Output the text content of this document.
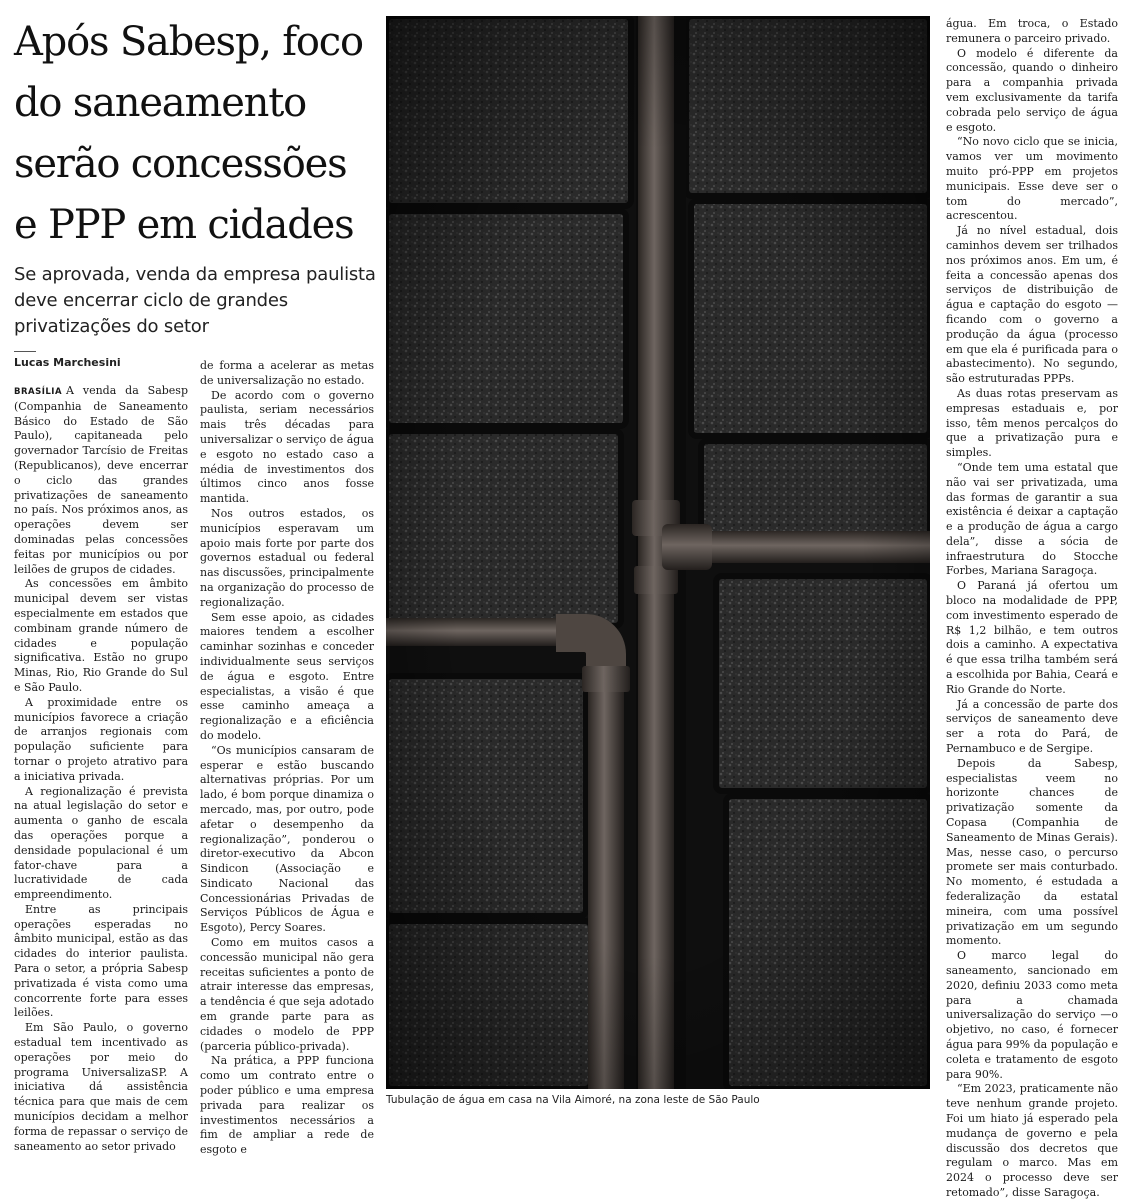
Após Sabesp, foco do saneamento serão concessões e PPP em cidades

Se aprovada, venda da empresa paulista deve encerrar ciclo de grandes privatizações do setor

Lucas Marchesini

BRASÍLIA A venda da Sabesp (Companhia de Saneamento Básico do Estado de São Paulo), capitaneada pelo governador Tarcísio de Freitas (Republicanos), deve encerrar o ciclo das grandes privatizações de saneamento no país. Nos próximos anos, as operações devem ser dominadas pelas concessões feitas por municípios ou por leilões de grupos de cidades.

As concessões em âmbito municipal devem ser vistas especialmente em estados que combinam grande número de cidades e população significativa. Estão no grupo Minas, Rio, Rio Grande do Sul e São Paulo.

A proximidade entre os municípios favorece a criação de arranjos regionais com população suficiente para tornar o projeto atrativo para a iniciativa privada.

A regionalização é prevista na atual legislação do setor e aumenta o ganho de escala das operações porque a densidade populacional é um fator-chave para a lucratividade de cada empreendimento.

Entre as principais operações esperadas no âmbito municipal, estão as das cidades do interior paulista. Para o setor, a própria Sabesp privatizada é vista como uma concorrente forte para esses leilões.

Em São Paulo, o governo estadual tem incentivado as operações por meio do programa UniversalizaSP. A iniciativa dá assistência técnica para que mais de cem municípios decidam a melhor forma de repassar o serviço de saneamento ao setor privado

de forma a acelerar as metas de universalização no estado.

De acordo com o governo paulista, seriam necessários mais três décadas para universalizar o serviço de água e esgoto no estado caso a média de investimentos dos últimos cinco anos fosse mantida.

Nos outros estados, os municípios esperavam um apoio mais forte por parte dos governos estadual ou federal nas discussões, principalmente na organização do processo de regionalização.

Sem esse apoio, as cidades maiores tendem a escolher caminhar sozinhas e conceder individualmente seus serviços de água e esgoto. Entre especialistas, a visão é que esse caminho ameaça a regionalização e a eficiência do modelo.

“Os municípios cansaram de esperar e estão buscando alternativas próprias. Por um lado, é bom porque dinamiza o mercado, mas, por outro, pode afetar o desempenho da regionalização”, ponderou o diretor-executivo da Abcon Sindicon (Associação e Sindicato Nacional das Concessionárias Privadas de Serviços Públicos de Água e Esgoto), Percy Soares.

Como em muitos casos a concessão municipal não gera receitas suficientes a ponto de atrair interesse das empresas, a tendência é que seja adotado em grande parte para as cidades o modelo de PPP (parceria público-privada).

Na prática, a PPP funciona como um contrato entre o poder público e uma empresa privada para realizar os investimentos necessários a fim de ampliar a rede de esgoto e

Tubulação de água em casa na Vila Aimoré, na zona leste de São Paulo

água. Em troca, o Estado remunera o parceiro privado.

O modelo é diferente da concessão, quando o dinheiro para a companhia privada vem exclusivamente da tarifa cobrada pelo serviço de água e esgoto.

“No novo ciclo que se inicia, vamos ver um movimento muito pró-PPP em projetos municipais. Esse deve ser o tom do mercado”, acrescentou.

Já no nível estadual, dois caminhos devem ser trilhados nos próximos anos. Em um, é feita a concessão apenas dos serviços de distribuição de água e captação do esgoto —ficando com o governo a produção da água (processo em que ela é purificada para o abastecimento). No segundo, são estruturadas PPPs.

As duas rotas preservam as empresas estaduais e, por isso, têm menos percalços do que a privatização pura e simples.

“Onde tem uma estatal que não vai ser privatizada, uma das formas de garantir a sua existência é deixar a captação e a produção de água a cargo dela”, disse a sócia de infraestrutura do Stocche Forbes, Mariana Saragoça.

O Paraná já ofertou um bloco na modalidade de PPP, com investimento esperado de R$ 1,2 bilhão, e tem outros dois a caminho. A expectativa é que essa trilha também será a escolhida por Bahia, Ceará e Rio Grande do Norte.

Já a concessão de parte dos serviços de saneamento deve ser a rota do Pará, de Pernambuco e de Sergipe.

Depois da Sabesp, especialistas veem no horizonte chances de privatização somente da Copasa (Companhia de Saneamento de Minas Gerais). Mas, nesse caso, o percurso promete ser mais conturbado. No momento, é estudada a federalização da estatal mineira, com uma possível privatização em um segundo momento.

O marco legal do saneamento, sancionado em 2020, definiu 2033 como meta para a chamada universalização do serviço —o objetivo, no caso, é fornecer água para 99% da população e coleta e tratamento de esgoto para 90%.

“Em 2023, praticamente não teve nenhum grande projeto. Foi um hiato já esperado pela mudança de governo e pela discussão dos decretos que regulam o marco. Mas em 2024 o processo deve ser retomado”, disse Saragoça.
